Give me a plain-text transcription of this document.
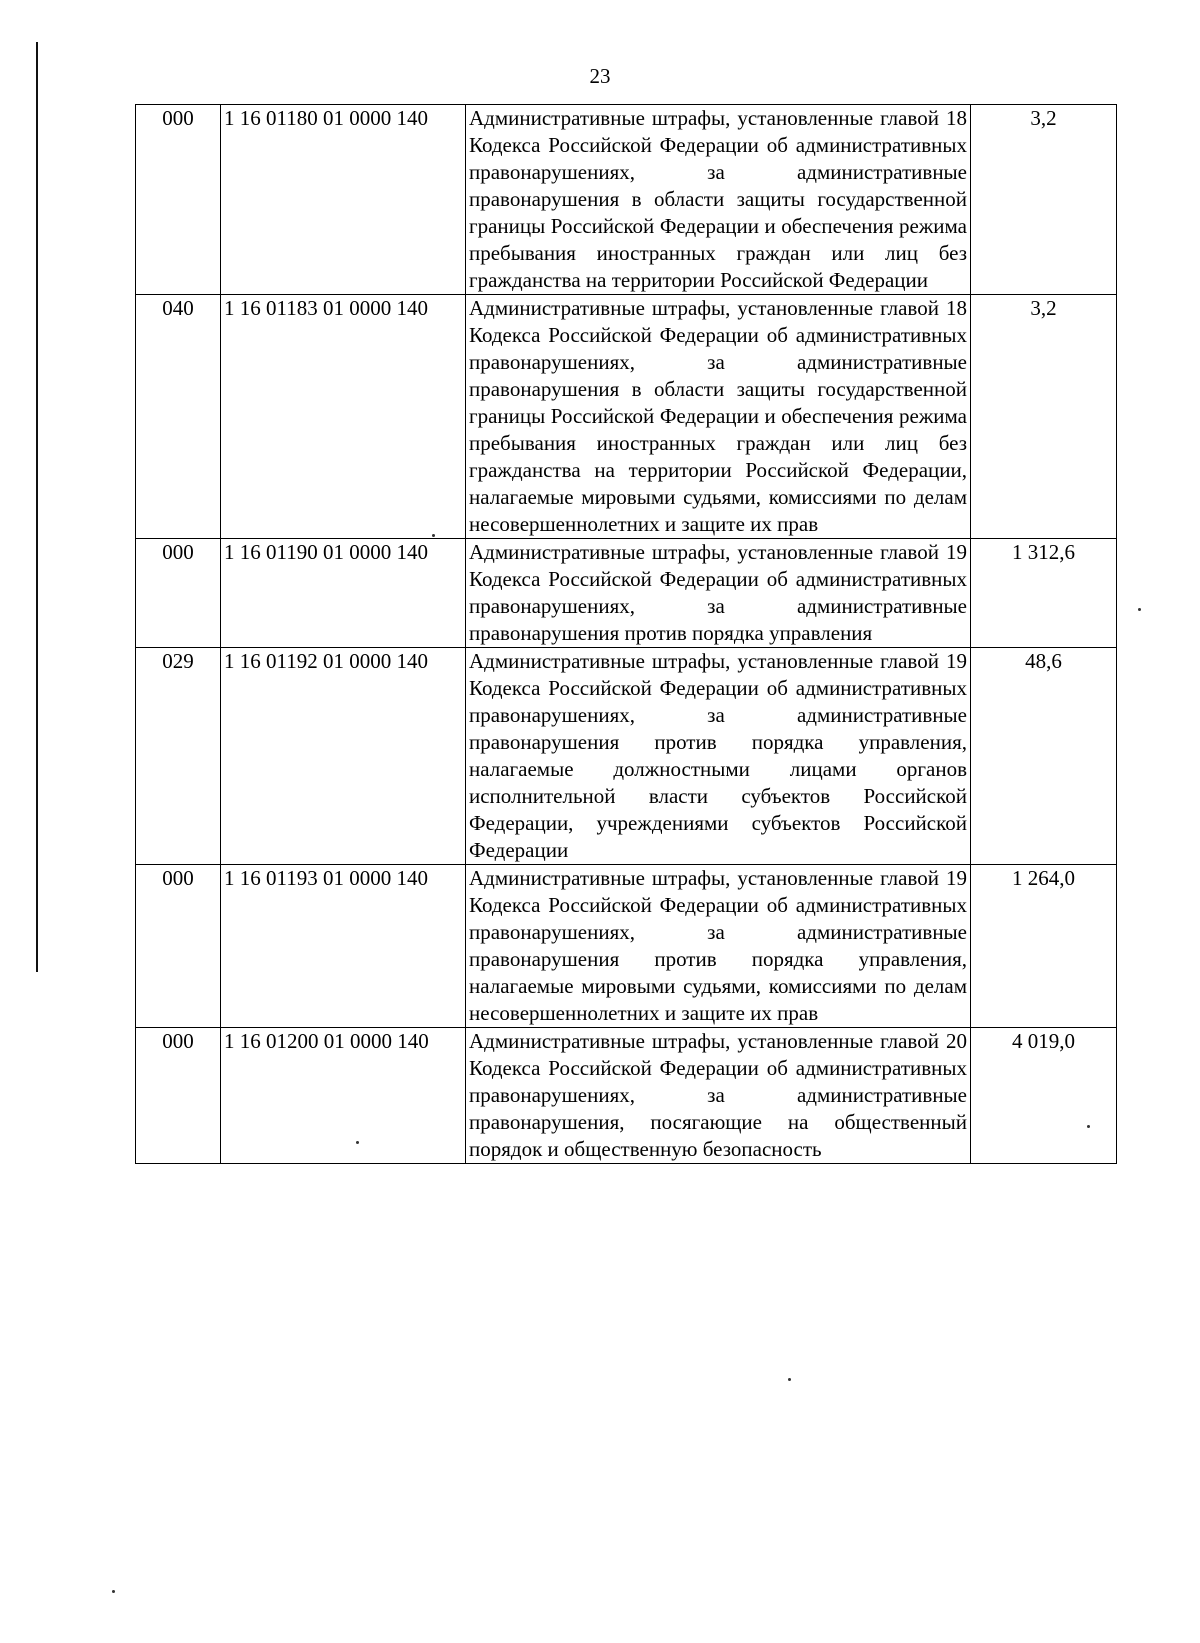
23
000	1 16 01180 01 0000 140	Административные штрафы, установленные главой 18 Кодекса Российской Федерации об административных правонарушениях, за административные правонарушения в области защиты государственной границы Российской Федерации и обеспечения режима пребывания иностранных граждан или лиц без гражданства на территории Российской Федерации	3,2
040	1 16 01183 01 0000 140	Административные штрафы, установленные главой 18 Кодекса Российской Федерации об административных правонарушениях, за административные правонарушения в области защиты государственной границы Российской Федерации и обеспечения режима пребывания иностранных граждан или лиц без гражданства на территории Российской Федерации, налагаемые мировыми судьями, комиссиями по делам несовершеннолетних и защите их прав	3,2
000	1 16 01190 01 0000 140	Административные штрафы, установленные главой 19 Кодекса Российской Федерации об административных правонарушениях, за административные правонарушения против порядка управления	1 312,6
029	1 16 01192 01 0000 140	Административные штрафы, установленные главой 19 Кодекса Российской Федерации об административных правонарушениях, за административные правонарушения против порядка управления, налагаемые должностными лицами органов исполнительной власти субъектов Российской Федерации, учреждениями субъектов Российской Федерации	48,6
000	1 16 01193 01 0000 140	Административные штрафы, установленные главой 19 Кодекса Российской Федерации об административных правонарушениях, за административные правонарушения против порядка управления, налагаемые мировыми судьями, комиссиями по делам несовершеннолетних и защите их прав	1 264,0
000	1 16 01200 01 0000 140	Административные штрафы, установленные главой 20 Кодекса Российской Федерации об административных правонарушениях, за административные правонарушения, посягающие на общественный порядок и общественную безопасность	4 019,0
